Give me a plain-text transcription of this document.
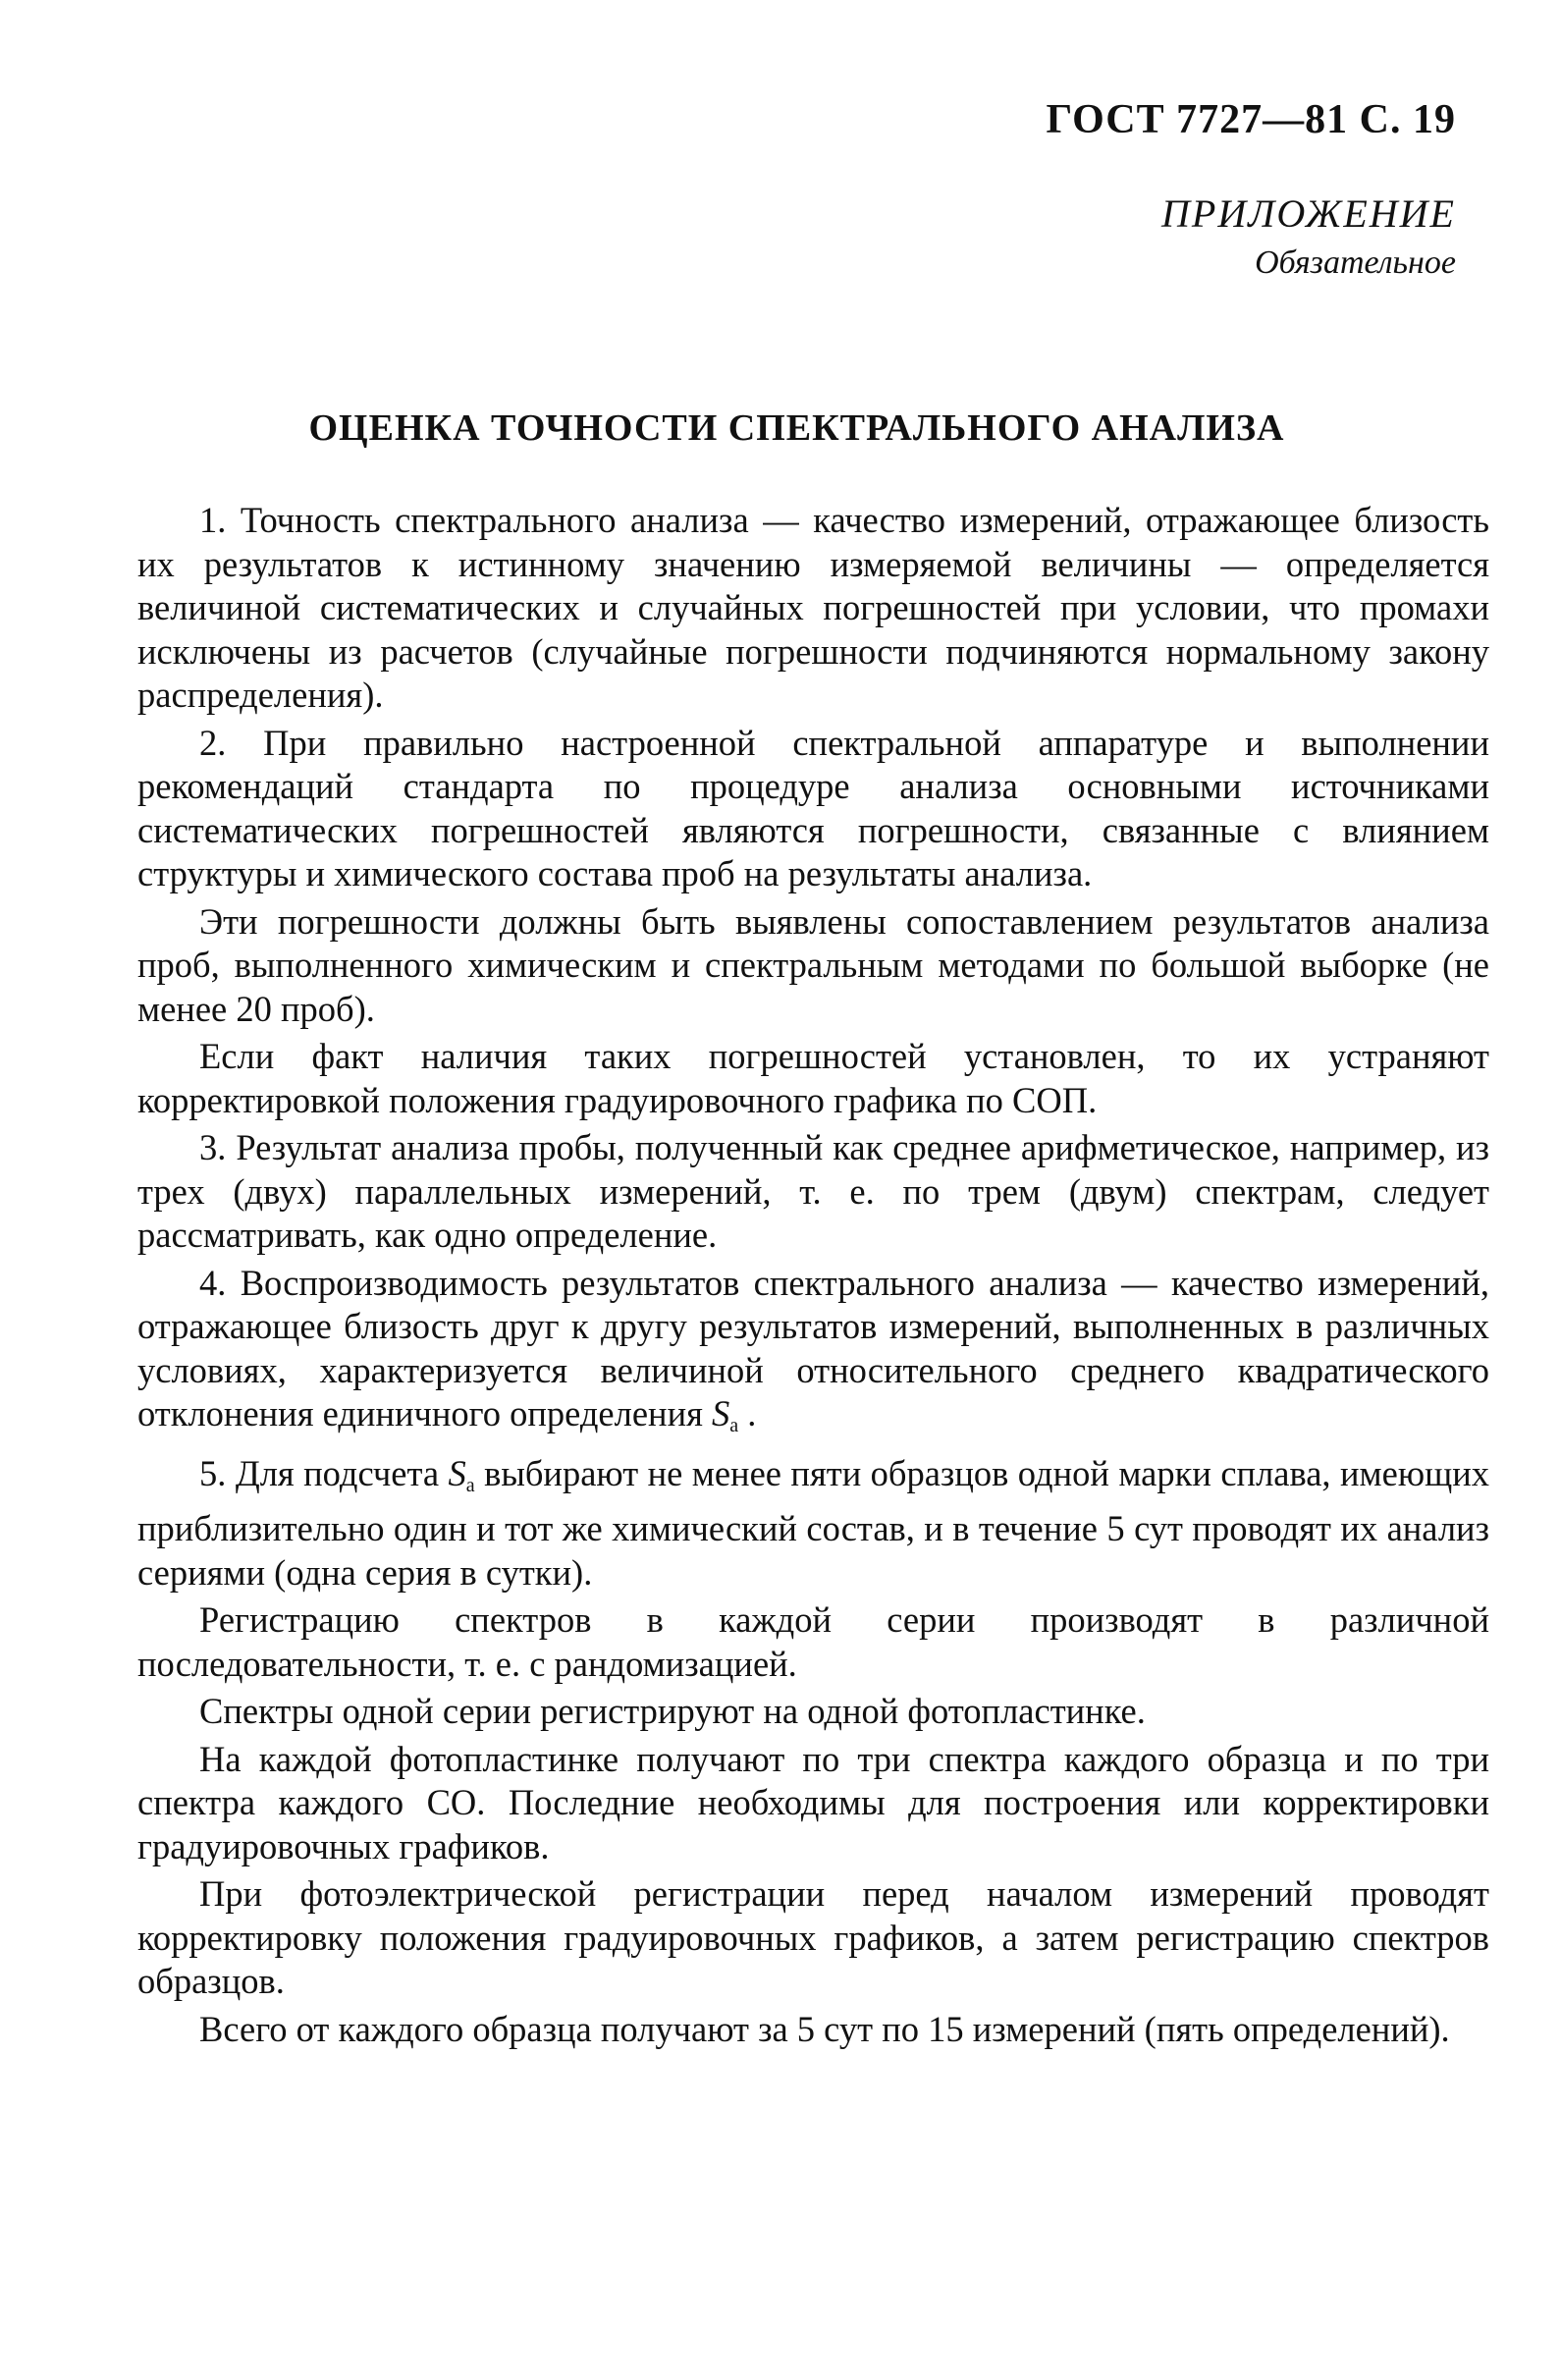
ГОСТ 7727—81 С. 19
ПРИЛОЖЕНИЕ
Обязательное
ОЦЕНКА ТОЧНОСТИ СПЕКТРАЛЬНОГО АНАЛИЗА

1. Точность спектрального анализа — качество измерений, отражающее близость их результатов к истинному значению измеряемой величины — определяется величиной систематических и случайных погрешностей при условии, что промахи исключены из расчетов (случайные погрешности подчиняются нормальному закону распределения).

2. При правильно настроенной спектральной аппаратуре и выполнении рекомендаций стандарта по процедуре анализа основными источниками систематических погрешностей являются погрешности, связанные с влиянием структуры и химического состава проб на результаты анализа.

Эти погрешности должны быть выявлены сопоставлением результатов анализа проб, выполненного химическим и спектральным методами по большой выборке (не менее 20 проб).

Если факт наличия таких погрешностей установлен, то их устраняют корректировкой положения градуировочного графика по СОП.

3. Результат анализа пробы, полученный как среднее арифметическое, например, из трех (двух) параллельных измерений, т. е. по трем (двум) спектрам, следует рассматривать, как одно определение.

4. Воспроизводимость результатов спектрального анализа — качество измерений, отражающее близость друг к другу результатов измерений, выполненных в различных условиях, характеризуется величиной относительного среднего квадратического отклонения единичного определения $S_а$ .

5. Для подсчета $S_а$ выбирают не менее пяти образцов одной марки сплава, имеющих приблизительно один и тот же химический состав, и в течение 5 сут проводят их анализ сериями (одна серия в сутки).

Регистрацию спектров в каждой серии производят в различной последовательности, т. е. с рандомизацией.

Спектры одной серии регистрируют на одной фотопластинке.

На каждой фотопластинке получают по три спектра каждого образца и по три спектра каждого СО. Последние необходимы для построения или корректировки градуировочных графиков.

При фотоэлектрической регистрации перед началом измерений проводят корректировку положения градуировочных графиков, а затем регистрацию спектров образцов.

Всего от каждого образца получают за 5 сут по 15 измерений (пять определений).
